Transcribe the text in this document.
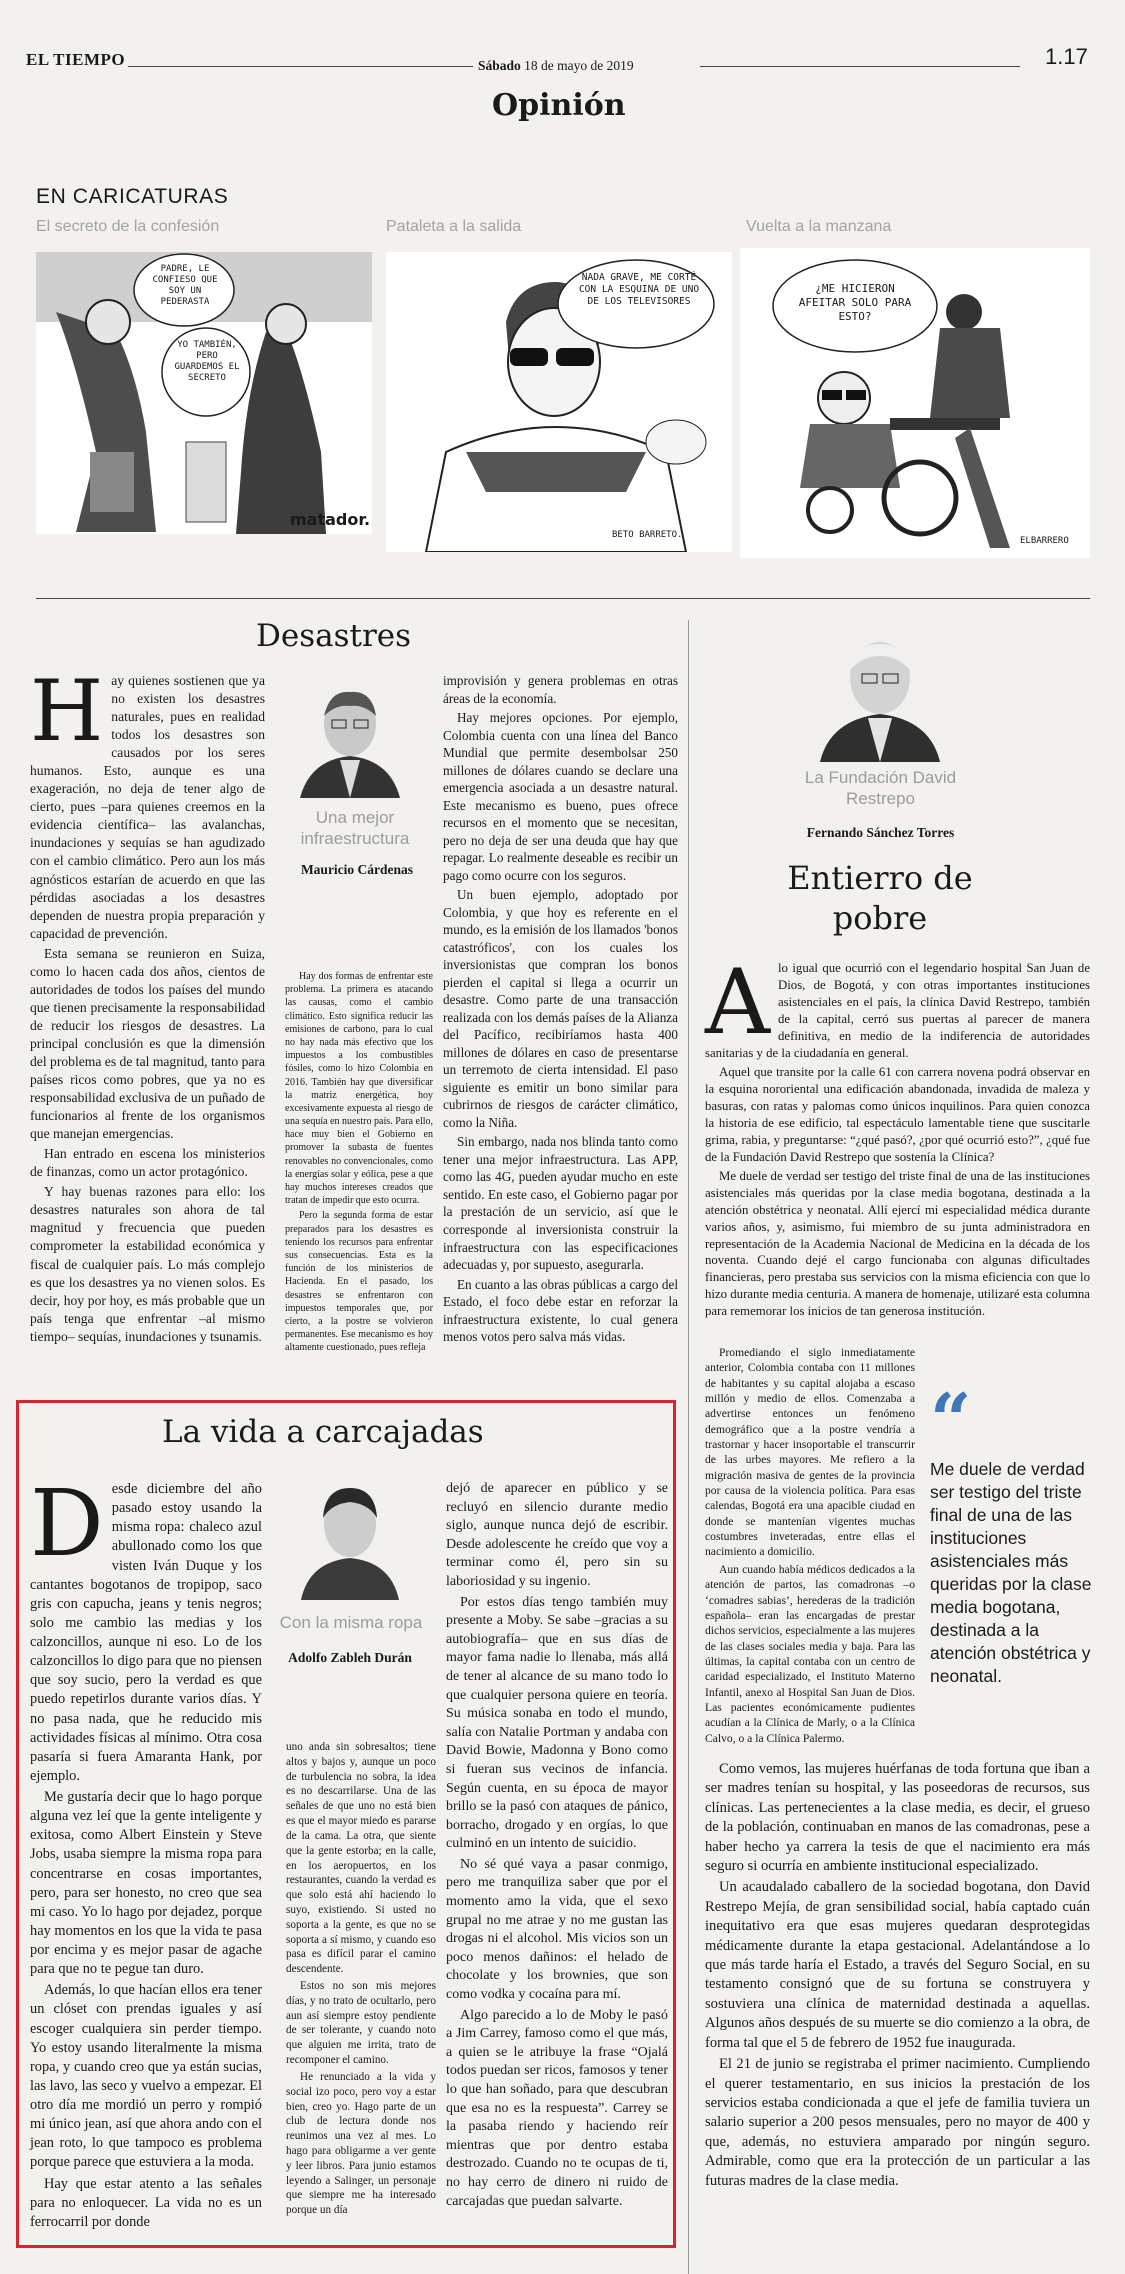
EL TIEMPO	Sábado 18 de mayo de 2019	1.17
Opinión
EN CARICATURAS
El secreto de la confesión
PADRE, LE CONFIESO QUE SOY UN PEDERASTA
YO TAMBIÉN, PERO GUARDEMOS EL SECRETO
matador.
Pataleta a la salida
NADA GRAVE, ME CORTÉ CON LA ESQUINA DE UNO DE LOS TELEVISORES
BETO BARRETO.
Vuelta a la manzana
¿ME HICIERON AFEITAR SOLO PARA ESTO?
ELBARRERO
Desastres
H ay quienes sostienen que ya no existen los desastres naturales, pues en realidad todos los desastres son causados por los seres humanos. Esto, aunque es una exageración, no deja de tener algo de cierto, pues –para quienes creemos en la evidencia científica– las avalanchas, inundaciones y sequías se han agudizado con el cambio climático. Pero aun los más agnósticos estarían de acuerdo en que las pérdidas asociadas a los desastres dependen de nuestra propia preparación y capacidad de prevención.

Esta semana se reunieron en Suiza, como lo hacen cada dos años, cientos de autoridades de todos los países del mundo que tienen precisamente la responsabilidad de reducir los riesgos de desastres. La principal conclusión es que la dimensión del problema es de tal magnitud, tanto para países ricos como pobres, que ya no es responsabilidad exclusiva de un puñado de funcionarios al frente de los organismos que manejan emergencias.

Han entrado en escena los ministerios de finanzas, como un actor protagónico.

Y hay buenas razones para ello: los desastres naturales son ahora de tal magnitud y frecuencia que pueden comprometer la estabilidad económica y fiscal de cualquier país. Lo más complejo es que los desastres ya no vienen solos. Es decir, hoy por hoy, es más probable que un país tenga que enfrentar –al mismo tiempo– sequías, inundaciones y tsunamis.

Una mejor infraestructura
Mauricio Cárdenas

Hay dos formas de enfrentar este problema. La primera es atacando las causas, como el cambio climático. Esto significa reducir las emisiones de carbono, para lo cual no hay nada más efectivo que los impuestos a los combustibles fósiles, como lo hizo Colombia en 2016. También hay que diversificar la matriz energética, hoy excesivamente expuesta al riesgo de una sequía en nuestro país. Para ello, hace muy bien el Gobierno en promover la subasta de fuentes renovables no convencionales, como la energías solar y eólica, pese a que hay muchos intereses creados que tratan de impedir que esto ocurra.

Pero la segunda forma de estar preparados para los desastres es teniendo los recursos para enfrentar sus consecuencias. Esta es la función de los ministerios de Hacienda. En el pasado, los desastres se enfrentaron con impuestos temporales que, por cierto, a la postre se volvieron permanentes. Ese mecanismo es hoy altamente cuestionado, pues refleja

improvisión y genera problemas en otras áreas de la economía.

Hay mejores opciones. Por ejemplo, Colombia cuenta con una línea del Banco Mundial que permite desembolsar 250 millones de dólares cuando se declare una emergencia asociada a un desastre natural. Este mecanismo es bueno, pues ofrece recursos en el momento que se necesitan, pero no deja de ser una deuda que hay que repagar. Lo realmente deseable es recibir un pago como ocurre con los seguros.

Un buen ejemplo, adoptado por Colombia, y que hoy es referente en el mundo, es la emisión de los llamados 'bonos catastróficos', con los cuales los inversionistas que compran los bonos pierden el capital si llega a ocurrir un desastre. Como parte de una transacción realizada con los demás países de la Alianza del Pacífico, recibiríamos hasta 400 millones de dólares en caso de presentarse un terremoto de cierta intensidad. El paso siguiente es emitir un bono similar para cubrirnos de riesgos de carácter climático, como la Niña.

Sin embargo, nada nos blinda tanto como tener una mejor infraestructura. Las APP, como las 4G, pueden ayudar mucho en este sentido. En este caso, el Gobierno pagar por la prestación de un servicio, así que le corresponde al inversionista construir la infraestructura con las especificaciones adecuadas y, por supuesto, asegurarla.

En cuanto a las obras públicas a cargo del Estado, el foco debe estar en reforzar la infraestructura existente, lo cual genera menos votos pero salva más vidas.

La Fundación David Restrepo
Fernando Sánchez Torres
Entierro de pobre
A lo igual que ocurrió con el legendario hospital San Juan de Dios, de Bogotá, y con otras importantes instituciones asistenciales en el país, la clínica David Restrepo, también de la capital, cerró sus puertas al parecer de manera definitiva, en medio de la indiferencia de autoridades sanitarias y de la ciudadanía en general.

Aquel que transite por la calle 61 con carrera novena podrá observar en la esquina nororiental una edificación abandonada, invadida de maleza y basuras, con ratas y palomas como únicos inquilinos. Para quien conozca la historia de ese edificio, tal espectáculo lamentable tiene que suscitarle grima, rabia, y preguntarse: “¿qué pasó?, ¿por qué ocurrió esto?”, ¿qué fue de la Fundación David Restrepo que sostenía la Clínica?

Me duele de verdad ser testigo del triste final de una de las instituciones asistenciales más queridas por la clase media bogotana, destinada a la atención obstétrica y neonatal. Allí ejercí mi especialidad médica durante varios años, y, asimismo, fui miembro de su junta administradora en representación de la Academia Nacional de Medicina en la década de los noventa. Cuando dejé el cargo funcionaba con algunas dificultades financieras, pero prestaba sus servicios con la misma eficiencia con que lo hizo durante media centuria. A manera de homenaje, utilizaré esta columna para rememorar los inicios de tan generosa institución.

Promediando el siglo inmediatamente anterior, Colombia contaba con 11 millones de habitantes y su capital alojaba a escaso millón y medio de ellos. Comenzaba a advertirse entonces un fenómeno demográfico que a la postre vendría a trastornar y hacer insoportable el transcurrir de las urbes mayores. Me refiero a la migración masiva de gentes de la provincia por causa de la violencia política. Para esas calendas, Bogotá era una apacible ciudad en donde se mantenían vigentes muchas costumbres inveteradas, entre ellas el nacimiento a domicilio.

Aun cuando había médicos dedicados a la atención de partos, las comadronas –o ‘comadres sabias’, herederas de la tradición española– eran las encargadas de prestar dichos servicios, especialmente a las mujeres de las clases sociales media y baja. Para las últimas, la capital contaba con un centro de caridad especializado, el Instituto Materno Infantil, anexo al Hospital San Juan de Dios. Las pacientes económicamente pudientes acudían a la Clínica de Marly, o a la Clínica Calvo, o a la Clínica Palermo.

“
Me duele de verdad ser testigo del triste final de una de las instituciones asistenciales más queridas por la clase media bogotana, destinada a la atención obstétrica y neonatal.

Como vemos, las mujeres huérfanas de toda fortuna que iban a ser madres tenían su hospital, y las poseedoras de recursos, sus clínicas. Las pertenecientes a la clase media, es decir, el grueso de la población, continuaban en manos de las comadronas, pese a haber hecho ya carrera la tesis de que el nacimiento era más seguro si ocurría en ambiente institucional especializado.

Un acaudalado caballero de la sociedad bogotana, don David Restrepo Mejía, de gran sensibilidad social, había captado cuán inequitativo era que esas mujeres quedaran desprotegidas médicamente durante la etapa gestacional. Adelantándose a lo que más tarde haría el Estado, a través del Seguro Social, en su testamento consignó que de su fortuna se construyera y sostuviera una clínica de maternidad destinada a aquellas. Algunos años después de su muerte se dio comienzo a la obra, de forma tal que el 5 de febrero de 1952 fue inaugurada.

El 21 de junio se registraba el primer nacimiento. Cumpliendo el querer testamentario, en sus inicios la prestación de los servicios estaba condicionada a que el jefe de familia tuviera un salario superior a 200 pesos mensuales, pero no mayor de 400 y que, además, no estuviera amparado por ningún seguro. Admirable, como que era la protección de un particular a las futuras madres de la clase media.

La vida a carcajadas
D esde diciembre del año pasado estoy usando la misma ropa: chaleco azul abullonado como los que visten Iván Duque y los cantantes bogotanos de tropipop, saco gris con capucha, jeans y tenis negros; solo me cambio las medias y los calzoncillos, aunque ni eso. Lo de los calzoncillos lo digo para que no piensen que soy sucio, pero la verdad es que puedo repetirlos durante varios días. Y no pasa nada, que he reducido mis actividades físicas al mínimo. Otra cosa pasaría si fuera Amaranta Hank, por ejemplo.

Me gustaría decir que lo hago porque alguna vez leí que la gente inteligente y exitosa, como Albert Einstein y Steve Jobs, usaba siempre la misma ropa para concentrarse en cosas importantes, pero, para ser honesto, no creo que sea mi caso. Yo lo hago por dejadez, porque hay momentos en los que la vida te pasa por encima y es mejor pasar de agache para que no te pegue tan duro.

Además, lo que hacían ellos era tener un clóset con prendas iguales y así escoger cualquiera sin perder tiempo. Yo estoy usando literalmente la misma ropa, y cuando creo que ya están sucias, las lavo, las seco y vuelvo a empezar. El otro día me mordió un perro y rompió mi único jean, así que ahora ando con el jean roto, lo que tampoco es problema porque parece que estuviera a la moda.

Hay que estar atento a las señales para no enloquecer. La vida no es un ferrocarril por donde

Con la misma ropa
Adolfo Zableh Durán

uno anda sin sobresaltos; tiene altos y bajos y, aunque un poco de turbulencia no sobra, la idea es no descarrilarse. Una de las señales de que uno no está bien es que el mayor miedo es pararse de la cama. La otra, que siente que la gente estorba; en la calle, en los aeropuertos, en los restaurantes, cuando la verdad es que solo está ahí haciendo lo suyo, existiendo. Si usted no soporta a la gente, es que no se soporta a sí mismo, y cuando eso pasa es difícil parar el camino descendente.

Estos no son mis mejores días, y no trato de ocultarlo, pero aun así siempre estoy pendiente de ser tolerante, y cuando noto que alguien me irrita, trato de recomponer el camino.

He renunciado a la vida y social izo poco, pero voy a estar bien, creo yo. Hago parte de un club de lectura donde nos reunimos una vez al mes. Lo hago para obligarme a ver gente y leer libros. Para junio estamos leyendo a Salinger, un personaje que siempre me ha interesado porque un día

dejó de aparecer en público y se recluyó en silencio durante medio siglo, aunque nunca dejó de escribir. Desde adolescente he creído que voy a terminar como él, pero sin su laboriosidad y su ingenio.

Por estos días tengo también muy presente a Moby. Se sabe –gracias a su autobiografía– que en sus días de mayor fama nadie lo llenaba, más allá de tener al alcance de su mano todo lo que cualquier persona quiere en teoría. Su música sonaba en todo el mundo, salía con Natalie Portman y andaba con David Bowie, Madonna y Bono como si fueran sus vecinos de infancia. Según cuenta, en su época de mayor brillo se la pasó con ataques de pánico, borracho, drogado y en orgías, lo que culminó en un intento de suicidio.

No sé qué vaya a pasar conmigo, pero me tranquiliza saber que por el momento amo la vida, que el sexo grupal no me atrae y no me gustan las drogas ni el alcohol. Mis vicios son un poco menos dañinos: el helado de chocolate y los brownies, que son como vodka y cocaína para mí.

Algo parecido a lo de Moby le pasó a Jim Carrey, famoso como el que más, a quien se le atribuye la frase “Ojalá todos puedan ser ricos, famosos y tener lo que han soñado, para que descubran que esa no es la respuesta”. Carrey se la pasaba riendo y haciendo reír mientras que por dentro estaba destrozado. Cuando no te ocupas de ti, no hay cerro de dinero ni ruido de carcajadas que puedan salvarte.
